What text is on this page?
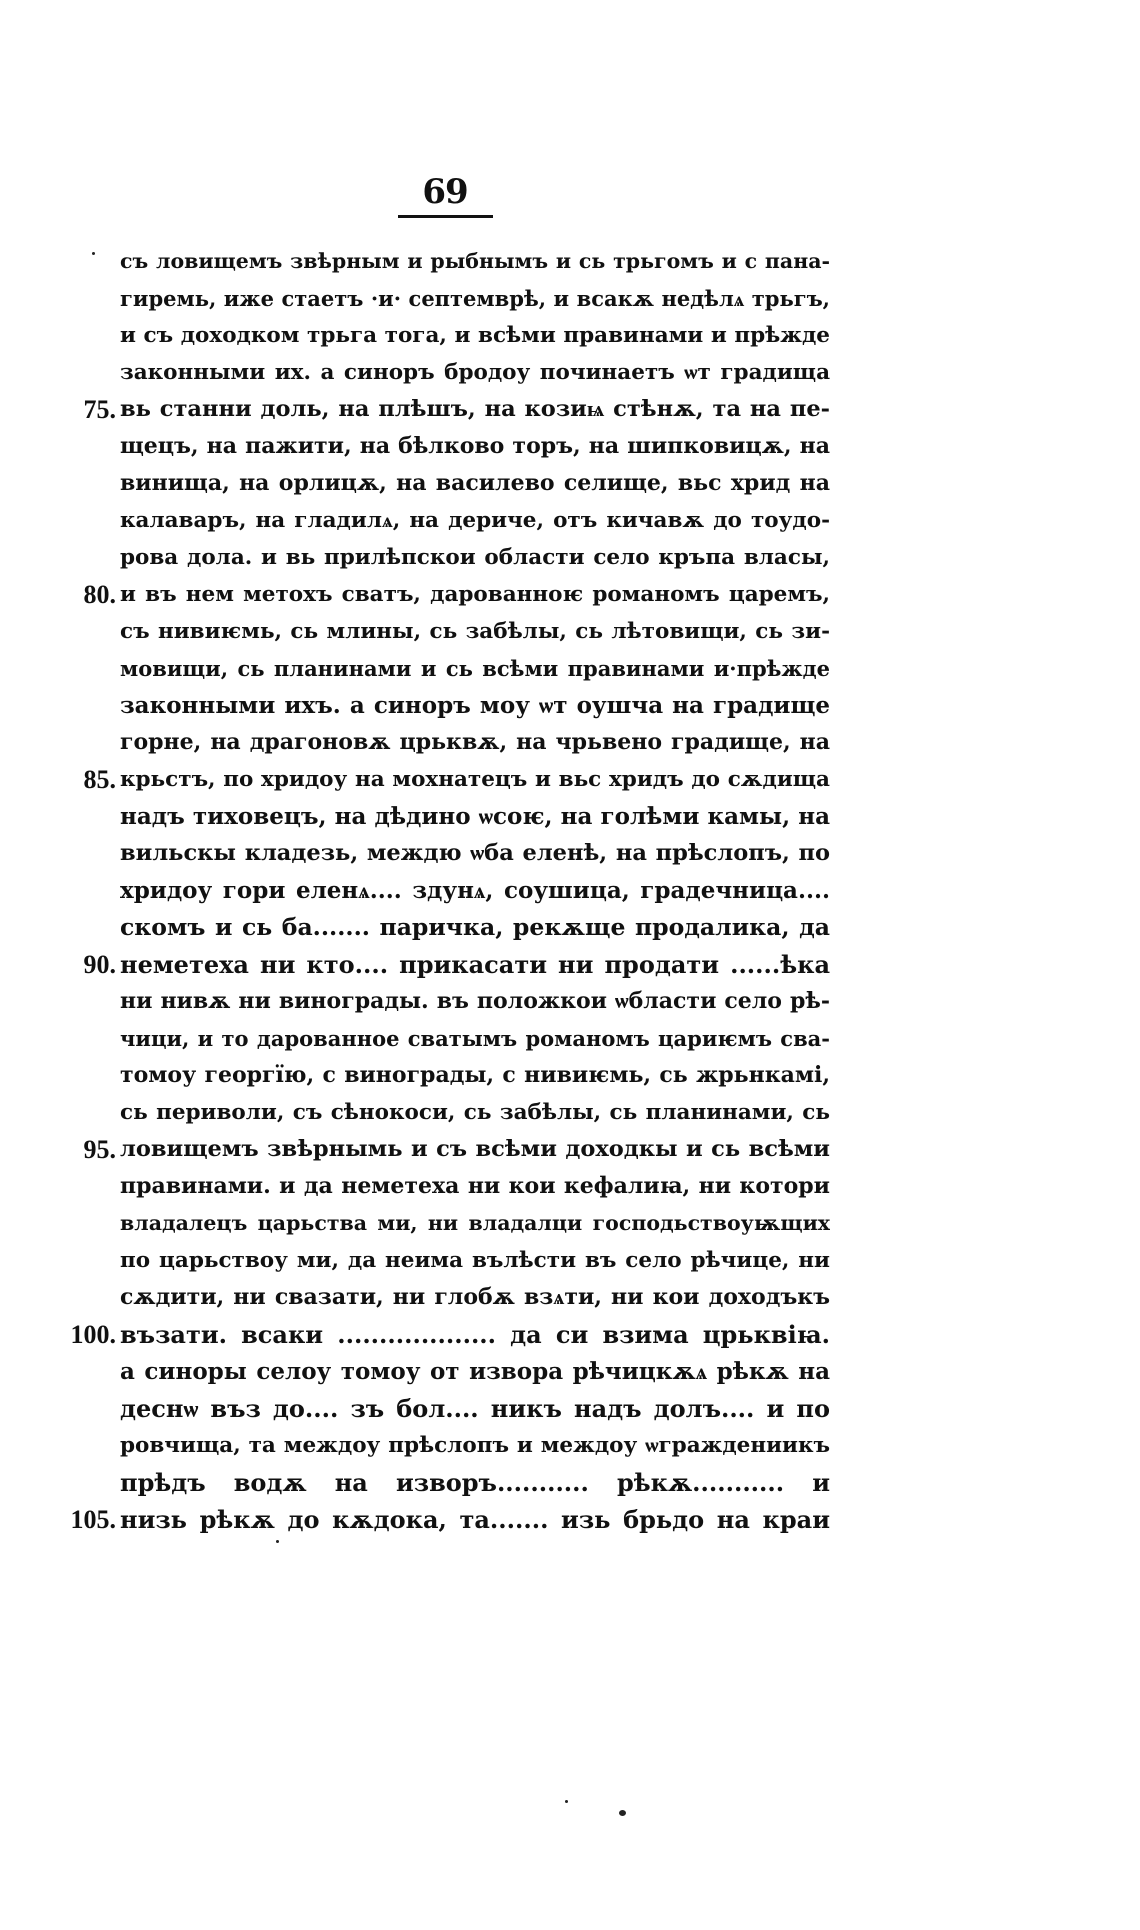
69
съ ловищемъ звѣрным и рыбнымъ и сь трьгомъ и с пана-
гиремь, иже стаетъ ·и· септемврѣ, и всакѫ недѣлѧ трьгъ,
и съ доходком трьга тога, и всѣми правинами и прѣжде
законными их. а синоръ бродоу починаетъ ѡт градища
75. вь станни доль, на плѣшъ, на козиѩ стѣнѫ, та на пе-
щецъ, на пажити, на бѣлково торъ, на шипковицѫ, на
винища, на орлицѫ, на василево селище, вьс хрид на
калаваръ, на гладилѧ, на дериче, отъ кичавѫ до тоудо-
рова дола. и вь прилѣпскои области село кръпа власы,
80. и въ нем метохъ сватъ, дарованноѥ романомъ царемъ,
съ нивиѥмь, сь млины, сь забѣлы, сь лѣтовищи, сь зи-
мовищи, сь планинами и сь всѣми правинами и·прѣжде
законными ихъ. а синоръ моу ѡт оушча на градище
горне, на драгоновѫ црьквѫ, на чрьвено градище, на
85. крьстъ, по хридоу на мохнатецъ и вьс хридъ до сѫдища
надъ тиховецъ, на дѣдино ѡсоѥ, на голѣми камы, на
вильскы кладезь, междю ѡба еленѣ, на прѣслопъ, по
хридоу гори еленѧ.... здунѧ, соушица, градечница....
скомъ и сь ба....... паричка, рекѫще продалика, да
90. неметеха ни кто.... прикасати ни продати ......ѣка
ни нивѫ ни винограды. въ положкои ѡбласти село рѣ-
чици, и то дарованное сватымъ романомъ цариѥмъ сва-
томоу георгїю, с винограды, с нивиѥмь, сь жрьнкамі,
сь периволи, съ сѣнокоси, сь забѣлы, сь планинами, сь
95. ловищемъ звѣрнымь и съ всѣми доходкы и сь всѣми
правинами. и да неметеха ни кои кефалиꙗ, ни котори
владалецъ царьства ми, ни владалци господьствоуѭщих
по царьствоу ми, да неима вълѣсти въ село рѣчице, ни
сѫдити, ни свазати, ни глобѫ взѧти, ни кои доходъкъ
100. възати. всаки ................... да си взима црьквіꙗ.
а синоры селоу томоу от извора рѣчицкѫѧ рѣкѫ на
деснѡ въз до.... зъ бол.... никъ надъ долъ.... и по
ровчища, та междоу прѣслопъ и междоу ѡграждениикъ
прѣдъ водѫ на изворъ........... рѣкѫ........... и
105. низь рѣкѫ до кѫдока, та....... изь брьдо на краи
